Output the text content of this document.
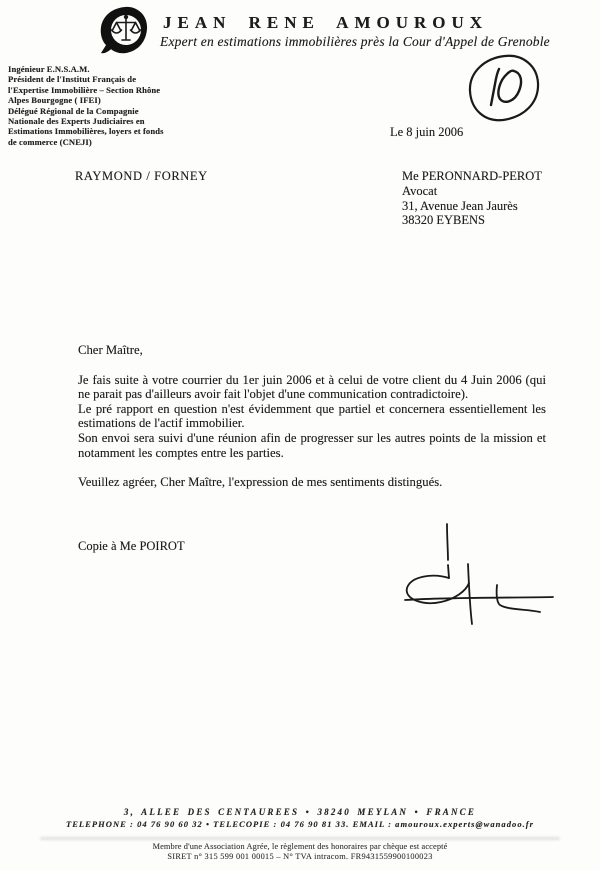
JEAN RENE AMOUROUX
Expert en estimations immobilières près la Cour d'Appel de Grenoble
Ingénieur E.N.S.A.M.
Président de l'Institut Français de
l'Expertise Immobilière – Section Rhône
Alpes Bourgogne ( IFEI)
Délégué Régional de la Compagnie
Nationale des Experts Judiciaires en
Estimations Immobilières, loyers et fonds
de commerce (CNEJI)
Le 8 juin 2006
RAYMOND / FORNEY	Me PERONNARD-PEROT
Avocat
31, Avenue Jean Jaurès
38320 EYBENS

Cher Maître,

Je fais suite à votre courrier du 1er juin 2006 et à celui de votre client du 4 Juin 2006 (qui ne parait pas d'ailleurs avoir fait l'objet d'une communication contradictoire).

Le pré rapport en question n'est évidemment que partiel et concernera essentiellement les estimations de l'actif immobilier.

Son envoi sera suivi d'une réunion afin de progresser sur les autres points de la mission et notamment les comptes entre les parties.

Veuillez agréer, Cher Maître, l'expression de mes sentiments distingués.

Copie à Me POIROT
3, ALLEE DES CENTAUREES • 38240 MEYLAN • FRANCE
TELEPHONE : 04 76 90 60 32 • TELECOPIE : 04 76 90 81 33. EMAIL : amouroux.experts@wanadoo.fr
Membre d'une Association Agrée, le règlement des honoraires par chèque est accepté
SIRET n° 315 599 001 00015 – N° TVA intracom. FR9431559900100023
